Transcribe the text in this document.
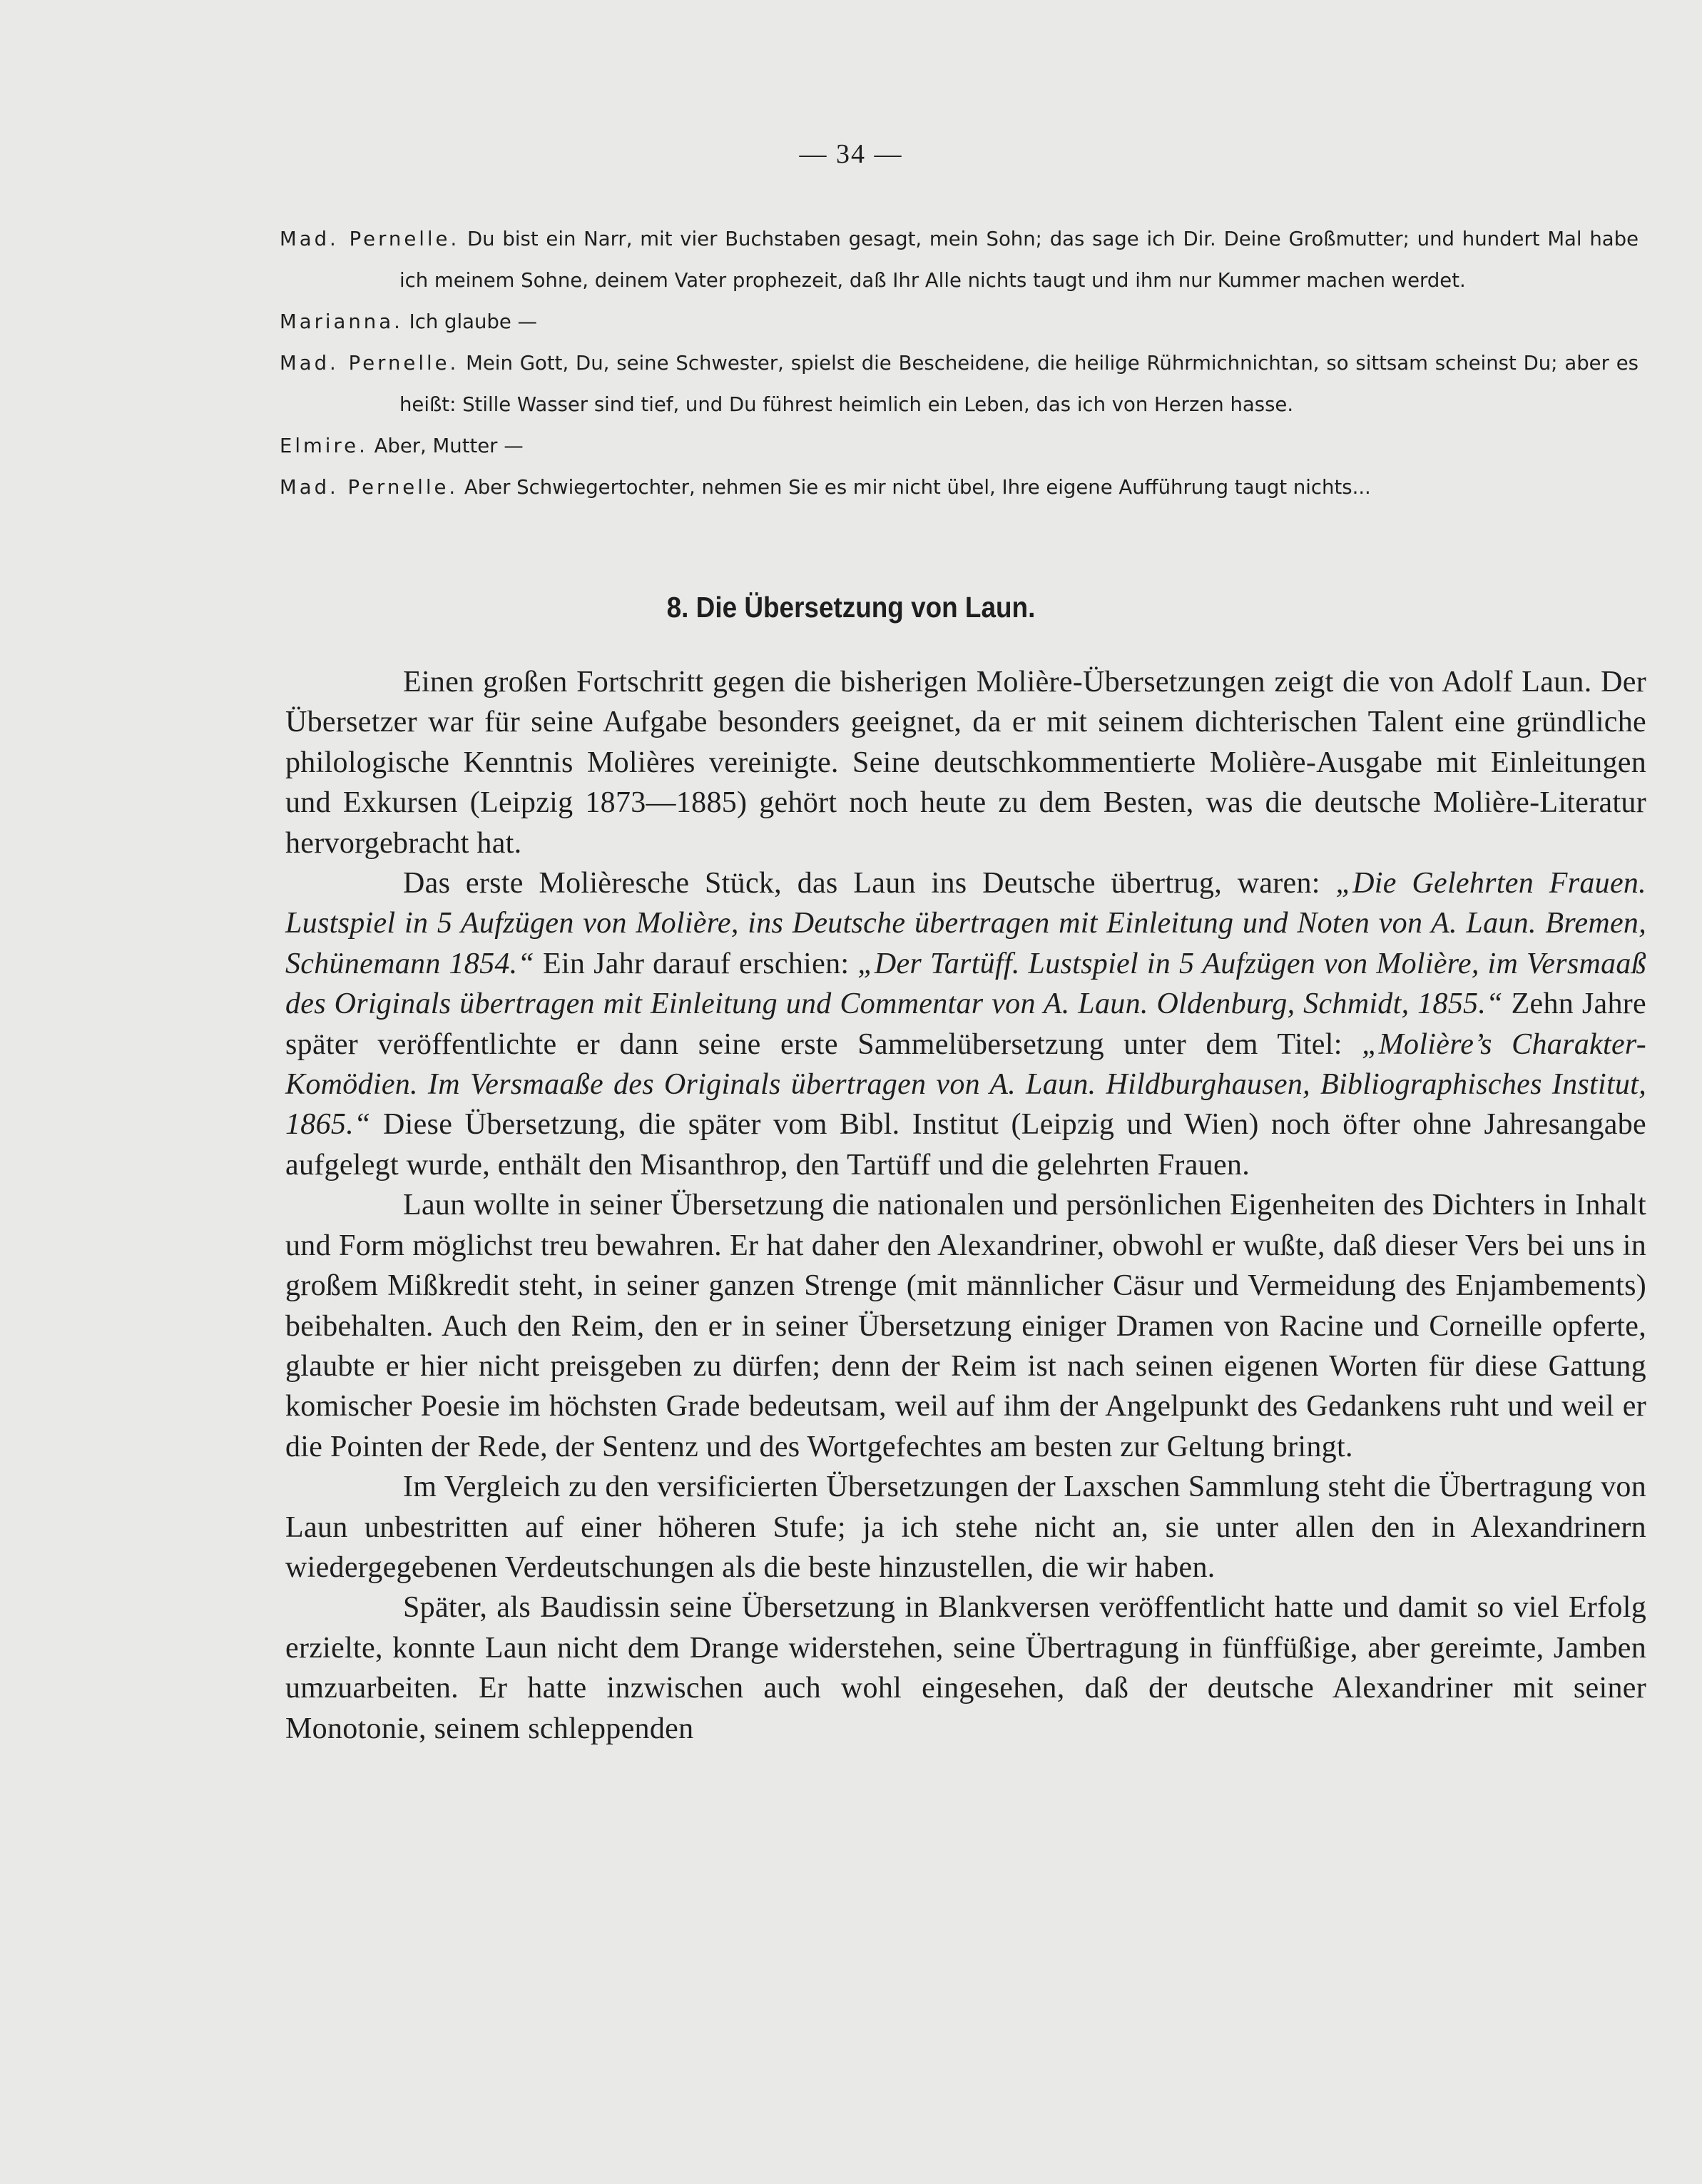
— 34 —
Mad. Pernelle. Du bist ein Narr, mit vier Buchstaben gesagt, mein Sohn; das sage ich Dir. Deine Großmutter; und hundert Mal habe ich meinem Sohne, deinem Vater prophezeit, daß Ihr Alle nichts taugt und ihm nur Kummer machen werdet.
Marianna. Ich glaube —
Mad. Pernelle. Mein Gott, Du, seine Schwester, spielst die Bescheidene, die heilige Rührmichnichtan, so sittsam scheinst Du; aber es heißt: Stille Wasser sind tief, und Du führest heimlich ein Leben, das ich von Herzen hasse.
Elmire. Aber, Mutter —
Mad. Pernelle. Aber Schwiegertochter, nehmen Sie es mir nicht übel, Ihre eigene Aufführung taugt nichts...
8. Die Übersetzung von Laun.

Einen großen Fortschritt gegen die bisherigen Molière-Übersetzungen zeigt die von Adolf Laun. Der Übersetzer war für seine Aufgabe besonders geeignet, da er mit seinem dichterischen Talent eine gründliche philologische Kenntnis Molières vereinigte. Seine deutschkommentierte Molière-Ausgabe mit Einleitungen und Exkursen (Leipzig 1873—1885) gehört noch heute zu dem Besten, was die deutsche Molière-Literatur hervorgebracht hat.

Das erste Molièresche Stück, das Laun ins Deutsche übertrug, waren: „Die Gelehrten Frauen. Lustspiel in 5 Aufzügen von Molière, ins Deutsche übertragen mit Einleitung und Noten von A. Laun. Bremen, Schünemann 1854.“ Ein Jahr darauf erschien: „Der Tartüff. Lustspiel in 5 Aufzügen von Molière, im Versmaaß des Originals übertragen mit Einleitung und Commentar von A. Laun. Oldenburg, Schmidt, 1855.“ Zehn Jahre später veröffentlichte er dann seine erste Sammelübersetzung unter dem Titel: „Molière’s Charakter-Komödien. Im Versmaaße des Originals übertragen von A. Laun. Hildburghausen, Bibliographisches Institut, 1865.“ Diese Übersetzung, die später vom Bibl. Institut (Leipzig und Wien) noch öfter ohne Jahresangabe aufgelegt wurde, enthält den Misanthrop, den Tartüff und die gelehrten Frauen.

Laun wollte in seiner Übersetzung die nationalen und persönlichen Eigenheiten des Dichters in Inhalt und Form möglichst treu bewahren. Er hat daher den Alexandriner, obwohl er wußte, daß dieser Vers bei uns in großem Mißkredit steht, in seiner ganzen Strenge (mit männlicher Cäsur und Vermeidung des Enjambements) beibehalten. Auch den Reim, den er in seiner Übersetzung einiger Dramen von Racine und Corneille opferte, glaubte er hier nicht preisgeben zu dürfen; denn der Reim ist nach seinen eigenen Worten für diese Gattung komischer Poesie im höchsten Grade bedeutsam, weil auf ihm der Angelpunkt des Gedankens ruht und weil er die Pointen der Rede, der Sentenz und des Wortgefechtes am besten zur Geltung bringt.

Im Vergleich zu den versificierten Übersetzungen der Laxschen Sammlung steht die Übertragung von Laun unbestritten auf einer höheren Stufe; ja ich stehe nicht an, sie unter allen den in Alexandrinern wiedergegebenen Verdeutschungen als die beste hinzustellen, die wir haben.

Später, als Baudissin seine Übersetzung in Blankversen veröffentlicht hatte und damit so viel Erfolg erzielte, konnte Laun nicht dem Drange widerstehen, seine Übertragung in fünffüßige, aber gereimte, Jamben umzuarbeiten. Er hatte inzwischen auch wohl eingesehen, daß der deutsche Alexandriner mit seiner Monotonie, seinem schleppenden
